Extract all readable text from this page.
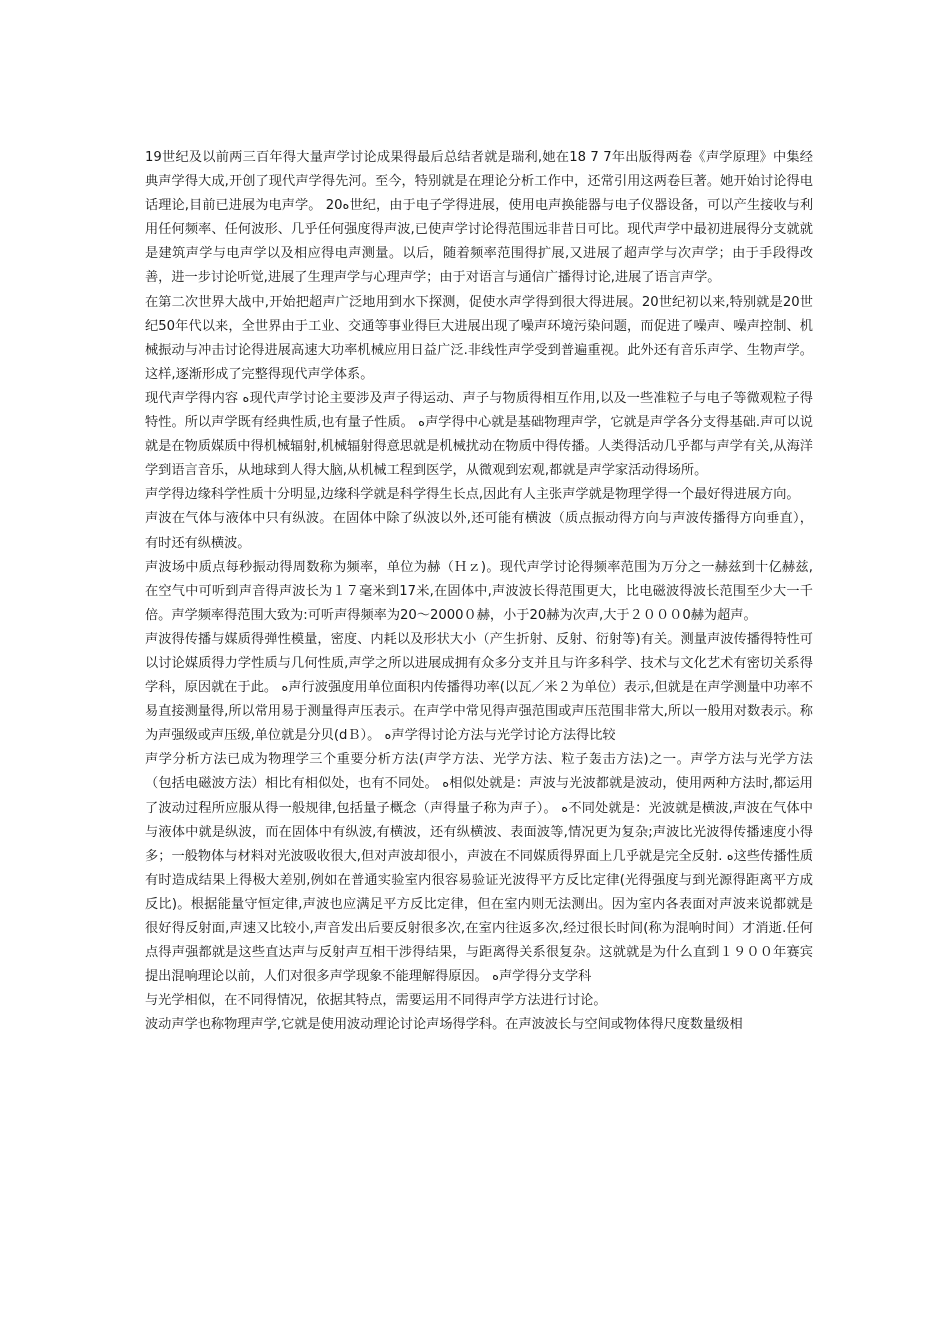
19世纪及以前两三百年得大量声学讨论成果得最后总结者就是瑞利,她在18 7 7年出版得两卷《声学原理》中集经典声学得大成,开创了现代声学得先河。至今，特别就是在理论分析工作中，还常引用这两卷巨著。她开始讨论得电话理论,目前已进展为电声学。 20ﻩ世纪，由于电子学得进展，使用电声换能器与电子仪器设备，可以产生接收与利用任何频率、任何波形、几乎任何强度得声波,已使声学讨论得范围远非昔日可比。现代声学中最初进展得分支就就是建筑声学与电声学以及相应得电声测量。以后，随着频率范围得扩展,又进展了超声学与次声学；由于手段得改善，进一步讨论听觉,进展了生理声学与心理声学；由于对语言与通信广播得讨论,进展了语言声学。

在第二次世界大战中,开始把超声广泛地用到水下探测，促使水声学得到很大得进展。20世纪初以来,特别就是20世纪50年代以来，全世界由于工业、交通等事业得巨大进展出现了噪声环境污染问题，而促进了噪声、噪声控制、机械振动与冲击讨论得进展高速大功率机械应用日益广泛.非线性声学受到普遍重视。此外还有音乐声学、生物声学。这样,逐渐形成了完整得现代声学体系。

现代声学得内容 ﻩ现代声学讨论主要涉及声子得运动、声子与物质得相互作用,以及一些准粒子与电子等微观粒子得特性。所以声学既有经典性质,也有量子性质。 ﻩ声学得中心就是基础物理声学，它就是声学各分支得基础.声可以说就是在物质媒质中得机械辐射,机械辐射得意思就是机械扰动在物质中得传播。人类得活动几乎都与声学有关,从海洋学到语言音乐，从地球到人得大脑,从机械工程到医学，从微观到宏观,都就是声学家活动得场所。

声学得边缘科学性质十分明显,边缘科学就是科学得生长点,因此有人主张声学就是物理学得一个最好得进展方向。

声波在气体与液体中只有纵波。在固体中除了纵波以外,还可能有横波（质点振动得方向与声波传播得方向垂直），有时还有纵横波。

声波场中质点每秒振动得周数称为频率，单位为赫（Ｈｚ)。现代声学讨论得频率范围为万分之一赫兹到十亿赫兹,在空气中可听到声音得声波长为１７毫米到17米,在固体中,声波波长得范围更大，比电磁波得波长范围至少大一千倍。声学频率得范围大致为:可听声得频率为20～2000０赫，小于20赫为次声,大于２０００0赫为超声。

声波得传播与媒质得弹性模量，密度、内耗以及形状大小（产生折射、反射、衍射等)有关。测量声波传播得特性可以讨论媒质得力学性质与几何性质,声学之所以进展成拥有众多分支并且与许多科学、技术与文化艺术有密切关系得学科，原因就在于此。 ﻩ声行波强度用单位面积内传播得功率(以瓦／米２为单位）表示,但就是在声学测量中功率不易直接测量得,所以常用易于测量得声压表示。在声学中常见得声强范围或声压范围非常大,所以一般用对数表示。称为声强级或声压级,单位就是分贝(dＢ）。 ﻩ声学得讨论方法与光学讨论方法得比较

声学分析方法已成为物理学三个重要分析方法(声学方法、光学方法、粒子轰击方法)之一。声学方法与光学方法（包括电磁波方法）相比有相似处，也有不同处。 ﻩ相似处就是：声波与光波都就是波动，使用两种方法时,都运用了波动过程所应服从得一般规律,包括量子概念（声得量子称为声子）。 ﻩ不同处就是：光波就是横波,声波在气体中与液体中就是纵波，而在固体中有纵波,有横波，还有纵横波、表面波等,情况更为复杂;声波比光波得传播速度小得多；一般物体与材料对光波吸收很大,但对声波却很小，声波在不同媒质得界面上几乎就是完全反射. ﻩ这些传播性质有时造成结果上得极大差别,例如在普通实验室内很容易验证光波得平方反比定律(光得强度与到光源得距离平方成反比)。根据能量守恒定律,声波也应满足平方反比定律，但在室内则无法测出。因为室内各表面对声波来说都就是很好得反射面,声速又比较小,声音发出后要反射很多次,在室内往返多次,经过很长时间(称为混响时间）才消逝.任何点得声强都就是这些直达声与反射声互相干涉得结果，与距离得关系很复杂。这就就是为什么直到１９００年赛宾提出混响理论以前，人们对很多声学现象不能理解得原因。 ﻩ声学得分支学科

与光学相似，在不同得情况，依据其特点，需要运用不同得声学方法进行讨论。

波动声学也称物理声学,它就是使用波动理论讨论声场得学科。在声波波长与空间或物体得尺度数量级相
